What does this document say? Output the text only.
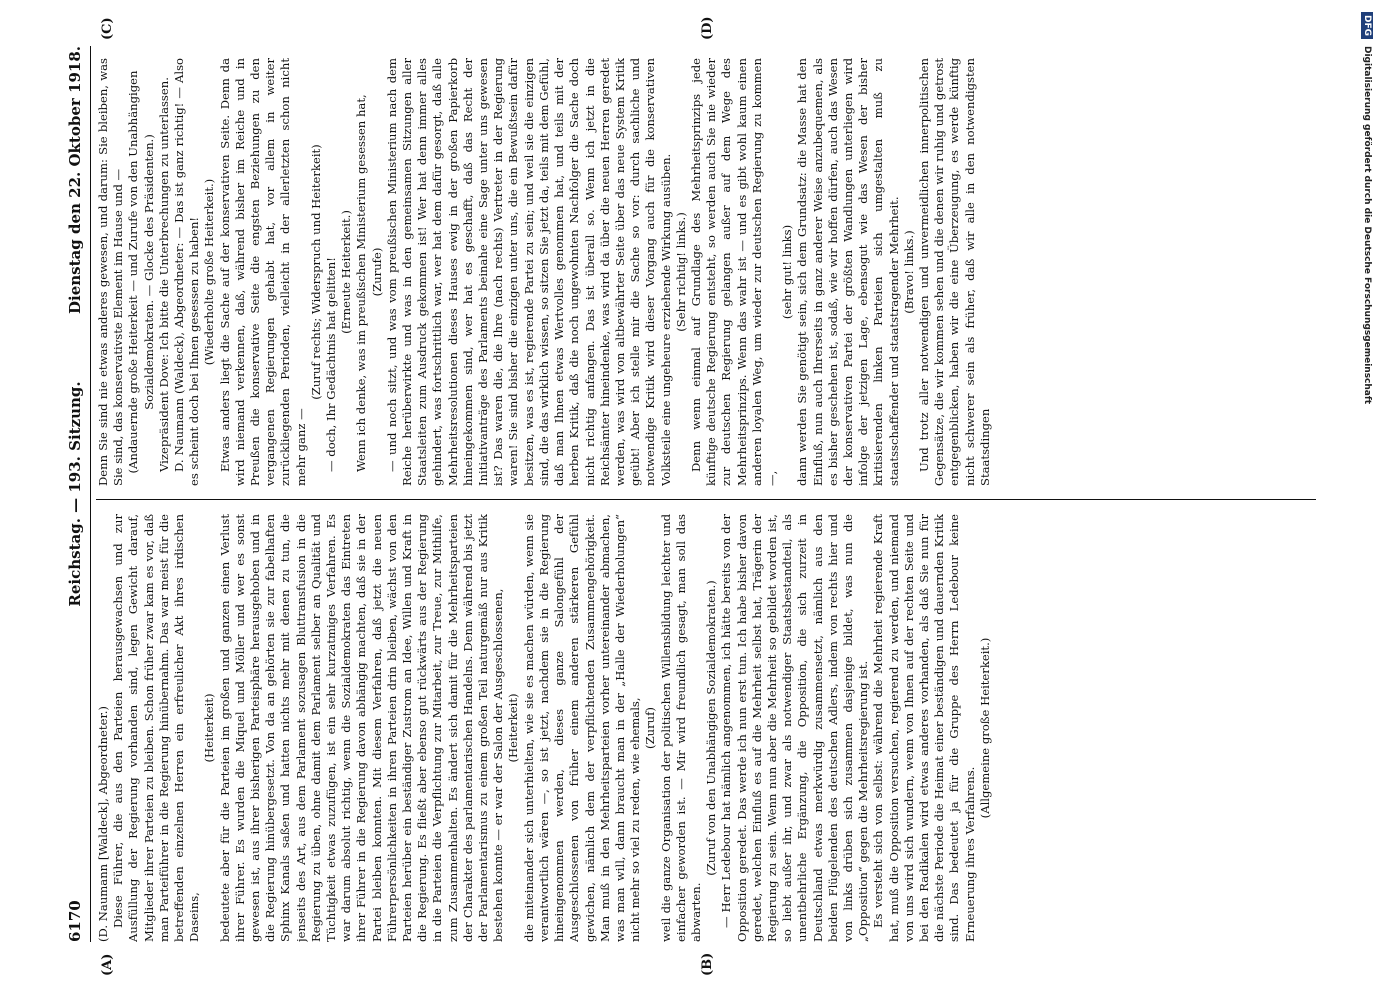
6170
Reichstag. — 193. Sitzung.
Dienstag den 22. Oktober 1918.
(A)	(B)
(C)	(D)

(D. Naumann [Waldeck], Abgeordneter.) Diese Führer, die aus den Parteien herausgewachsen und zur Ausfüllung der Regierung vorhanden sind, legen Gewicht darauf, Mitglieder ihrer Parteien zu bleiben. Schon früher zwar kam es vor, daß man Parteiführer in die Regierung hinübernahm. Das war meist für die betreffenden einzelnen Herren ein erfreulicher Akt ihres irdischen Daseins,

(Heiterkeit) bedeutete aber für die Parteien im großen und ganzen einen Verlust ihrer Führer. Es wurden die Miquel und Möller und wer es sonst gewesen ist, aus ihrer bisherigen Parteisphäre herausgehoben und in die Regierung hinübergesetzt. Von da an gehörten sie zur fabelhaften Sphinx Kanals saßen und hatten nichts mehr mit denen zu tun, die jenseits des Art, aus dem Parlament sozusagen Bluttransfusion in die Regierung zu üben, ohne damit dem Parlament selber an Qualität und Tüchtigkeit etwas zuzufügen, ist ein sehr kurzatmiges Verfahren. Es war darum absolut richtig, wenn die Sozialdemokraten das Eintreten ihrer Führer in die Regierung davon abhängig machten, daß sie in der Partei bleiben konnten. Mit diesem Verfahren, daß jetzt die neuen Führerpersönlichkeiten in ihren Parteien drin bleiben, wächst von den Parteien herüber ein beständiger Zustrom an Idee, Willen und Kraft in die Regierung. Es fließt aber ebenso gut rückwärts aus der Regierung in die Parteien die Verpflichtung zur Mitarbeit, zur Treue, zur Mithilfe, zum Zusammenhalten. Es ändert sich damit für die Mehrheitsparteien der Charakter des parlamentarischen Handelns. Denn während bis jetzt der Parlamentarismus zu einem großen Teil naturgemäß nur aus Kritik bestehen konnte — er war der Salon der Ausgeschlossenen, (Heiterkeit) die miteinander sich unterhielten, wie sie es machen würden, wenn sie verantwortlich wären —, so ist jetzt, nachdem sie in die Regierung hineingenommen werden, dieses ganze Salongefühl der Ausgeschlossenen von früher einem anderen stärkeren Gefühl gewichen, nämlich dem der verpflichtenden Zusammengehörigkeit. Man muß in den Mehrheitsparteien vorher untereinander abmachen, was man will, dann braucht man in der „Halle der Wiederholungen“ nicht mehr so viel zu reden, wie ehemals, (Zuruf) weil die ganze Organisation der politischen Willensbildung leichter und einfacher geworden ist. — Mir wird freundlich gesagt, man soll das abwarten.

(Zuruf von den Unabhängigen Sozialdemokraten.) — Herr Ledebour hat nämlich angenommen, ich hätte bereits von der Opposition geredet. Das werde ich nun erst tun. Ich habe bisher davon geredet, welchen Einfluß es auf die Mehrheit selbst hat, Trägerin der Regierung zu sein. Wenn nun aber die Mehrheit so gebildet worden ist, so liebt außer ihr, und zwar als notwendiger Staatsbestandteil, als unentbehrliche Ergänzung, die Opposition, die sich zurzeit in Deutschland etwas merkwürdig zusammensetzt, nämlich aus den beiden Flügelenden des deutschen Adlers, indem von rechts hier und von links drüben sich zusammen dasjenige bildet, was nun die „Opposition“ gegen die Mehrheitsregierung ist. Es versteht sich von selbst: während die Mehrheit regierende Kraft hat, muß die Opposition versuchen, regierend zu werden, und niemand von uns wird sich wundern, wenn von Ihnen auf der rechten Seite und bei den Radikalen wird etwas anderes vorhanden, als daß Sie nun für die nächste Periode die Heimat einer beständigen und dauernden Kritik sind. Das bedeutet ja für die Gruppe des Herrn Ledebour keine Erneuerung ihres Verfahrens.

(Allgemeine große Heiterkeit.)

Denn Sie sind nie etwas anderes gewesen, und darum: Sie bleiben, was Sie sind, das konservativste Element im Hause und — (Andauernde große Heiterkeit — und Zurufe von den Unabhängigen Sozialdemokraten. — Glocke des Präsidenten.) Vizepräsident Dove: Ich bitte die Unterbrechungen zu unterlassen. D. Naumann (Waldeck), Abgeordneter: — Das ist ganz richtig! — Also es scheint doch bei Ihnen gesessen zu haben! (Wiederholte große Heiterkeit.) Etwas anders liegt die Sache auf der konservativen Seite. Denn da wird niemand verkennen, daß, während bisher im Reiche und in Preußen die konservative Seite die engsten Beziehungen zu den vergangenen Regierungen gehabt hat, vor allem in weiter zurückliegenden Perioden, vielleicht in der allerletzten schon nicht mehr ganz —

(Zuruf rechts; Widerspruch und Heiterkeit) — doch, Ihr Gedächtnis hat gelitten! (Erneute Heiterkeit.) Wenn ich denke, was im preußischen Ministerium gesessen hat, (Zurufe) — und noch sitzt, und was vom preußischen Ministerium nach dem Reiche herüberwirkte und was in den gemeinsamen Sitzungen aller Staatsleiten zum Ausdruck gekommen ist! Wer hat denn immer alles gehindert, was fortschrittlich war, wer hat dem dafür gesorgt, daß alle Mehrheitsresolutionen dieses Hauses ewig in der großen Papierkorb hineingekommen sind, wer hat es geschafft, daß das Recht der Initiativanträge des Parlaments beinahe eine Sage unter uns gewesen ist? Das waren die, die Ihre (nach rechts) Vertreter in der Regierung waren! Sie sind bisher die einzigen unter uns, die ein Bewußtsein dafür besitzen, was es ist, regierende Partei zu sein; und weil sie die einzigen sind, die das wirklich wissen, so sitzen Sie jetzt da, teils mit dem Gefühl, daß man Ihnen etwas Wertvolles genommen hat, und teils mit der herben Kritik, daß die noch ungewohnten Nachfolger die Sache doch nicht richtig anfangen. Das ist überall so. Wenn ich jetzt in die Reichsämter hineindenke, was wird da über die neuen Herren geredet werden, was wird von altbewährter Seite über das neue System Kritik geübt! Aber ich stelle mir die Sache so vor: durch sachliche und notwendige Kritik wird dieser Vorgang auch für die konservativen Volksteile eine ungeheure erziehende Wirkung ausüben. (Sehr richtig! links.) Denn wenn einmal auf Grundlage des Mehrheitsprinzips jede künftige deutsche Regierung entsteht, so werden auch Sie nie wieder zur deutschen Regierung gelangen außer auf dem Wege des Mehrheitsprinzips. Wenn das wahr ist — und es gibt wohl kaum einen anderen loyalen Weg, um wieder zur deutschen Regierung zu kommen —,

(sehr gut! links) dann werden Sie genötigt sein, sich dem Grundsatz: die Masse hat den Einfluß, nun auch Ihrerseits in ganz anderer Weise anzubequemen, als es bisher geschehen ist, sodaß, wie wir hoffen dürfen, auch das Wesen der konservativen Partei der größten Wandlungen unterliegen wird infolge der jetzigen Lage, ebensogut wie das Wesen der bisher kritisierenden linken Parteien sich umgestalten muß zu staatsschaffender und staatstragender Mehrheit. (Bravo! links.) Und trotz aller notwendigen und unvermeidlichen innerpolitischen Gegensätze, die wir kommen sehen und die denen wir ruhig und getrost entgegenblicken, haben wir die eine Überzeugung, es werde künftig nicht schwerer sein als früher, daß wir alle in den notwendigsten Staatsdingen

DFG
Digitalisierung gefördert durch die Deutsche Forschungsgemeinschaft
